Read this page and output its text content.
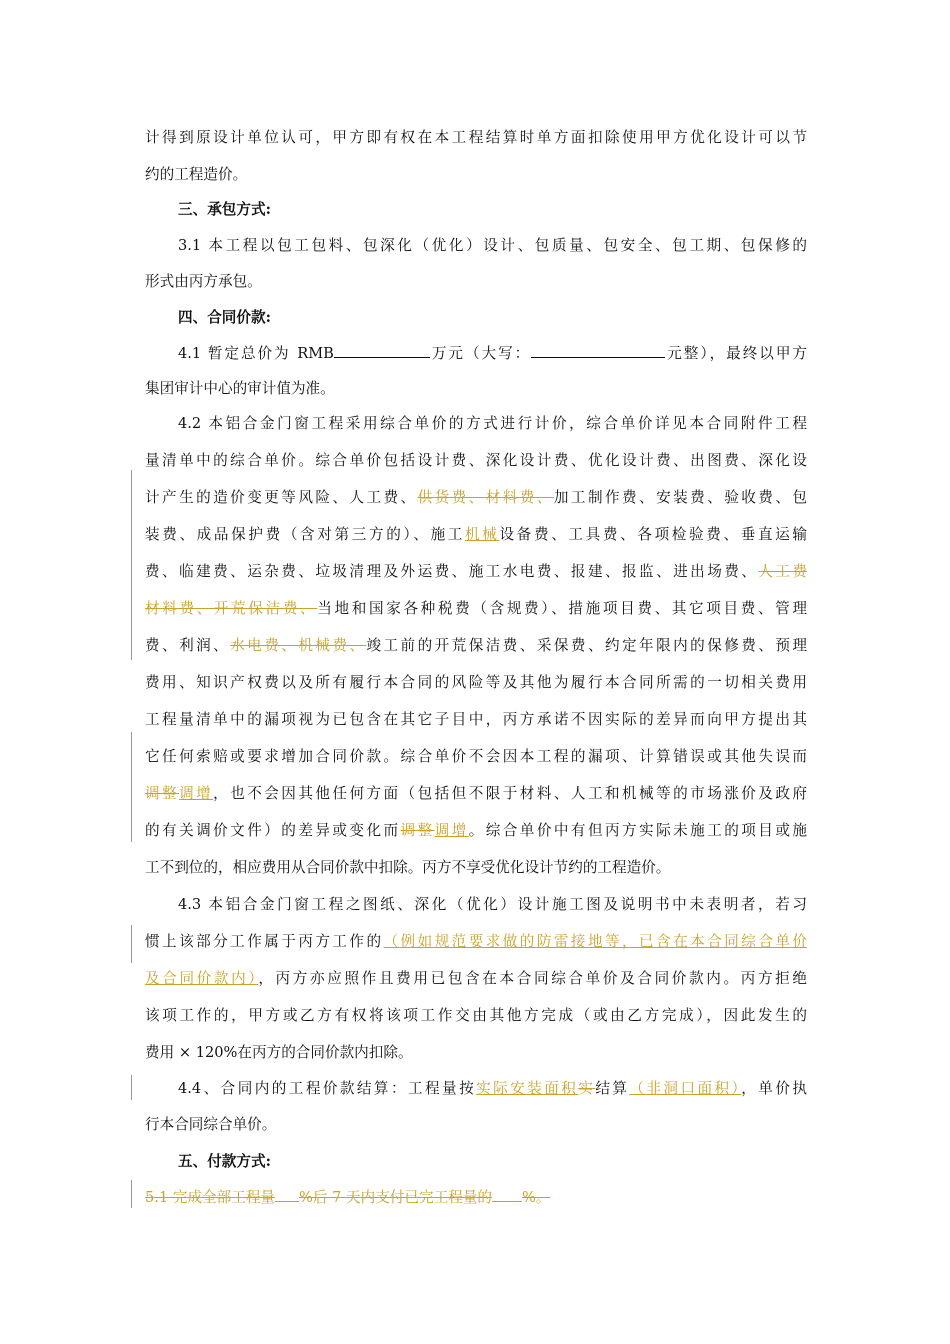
计得到原设计单位认可，甲方即有权在本工程结算时单方面扣除使用甲方优化设计可以节
约的工程造价。
三、承包方式:
3.1 本工程以包工包料、包深化（优化）设计、包质量、包安全、包工期、包保修的
形式由丙方承包。
四、合同价款:
4.1 暂定总价为 RMB	万元（大写：	元整），最终以甲方
集团审计中心的审计值为准。
4.2 本铝合金门窗工程采用综合单价的方式进行计价，综合单价详见本合同附件工程
量清单中的综合单价。综合单价包括设计费、深化设计费、优化设计费、出图费、深化设
计产生的造价变更等风险、人工费、供货费、材料费、加工制作费、安装费、验收费、包
装费、成品保护费（含对第三方的）、施工机械设备费、工具费、各项检验费、垂直运输
费、临建费、运杂费、垃圾清理及外运费、施工水电费、报建、报监、进出场费、人工费
材料费、开荒保洁费、当地和国家各种税费（含规费）、措施项目费、其它项目费、管理
费、利润、水电费、机械费、竣工前的开荒保洁费、采保费、约定年限内的保修费、预理
费用、知识产权费以及所有履行本合同的风险等及其他为履行本合同所需的一切相关费用
工程量清单中的漏项视为已包含在其它子目中，丙方承诺不因实际的差异而向甲方提出其
它任何索赔或要求增加合同价款。综合单价不会因本工程的漏项、计算错误或其他失误而
调整调增，也不会因其他任何方面（包括但不限于材料、人工和机械等的市场涨价及政府
的有关调价文件）的差异或变化而调整调增。综合单价中有但丙方实际未施工的项目或施
工不到位的，相应费用从合同价款中扣除。丙方不享受优化设计节约的工程造价。
4.3 本铝合金门窗工程之图纸、深化（优化）设计施工图及说明书中未表明者，若习
惯上该部分工作属于丙方工作的（例如规范要求做的防雷接地等，已含在本合同综合单价
及合同价款内），丙方亦应照作且费用已包含在本合同综合单价及合同价款内。丙方拒绝
该项工作的，甲方或乙方有权将该项工作交由其他方完成（或由乙方完成），因此发生的
费用 × 120%在丙方的合同价款内扣除。
4.4、合同内的工程价款结算：工程量按实际安装面积实结算（非洞口面积），单价执
行本合同综合单价。
五、付款方式:
5.1 完成全部工程量 %后 7 天内支付已完工程量的 %。
